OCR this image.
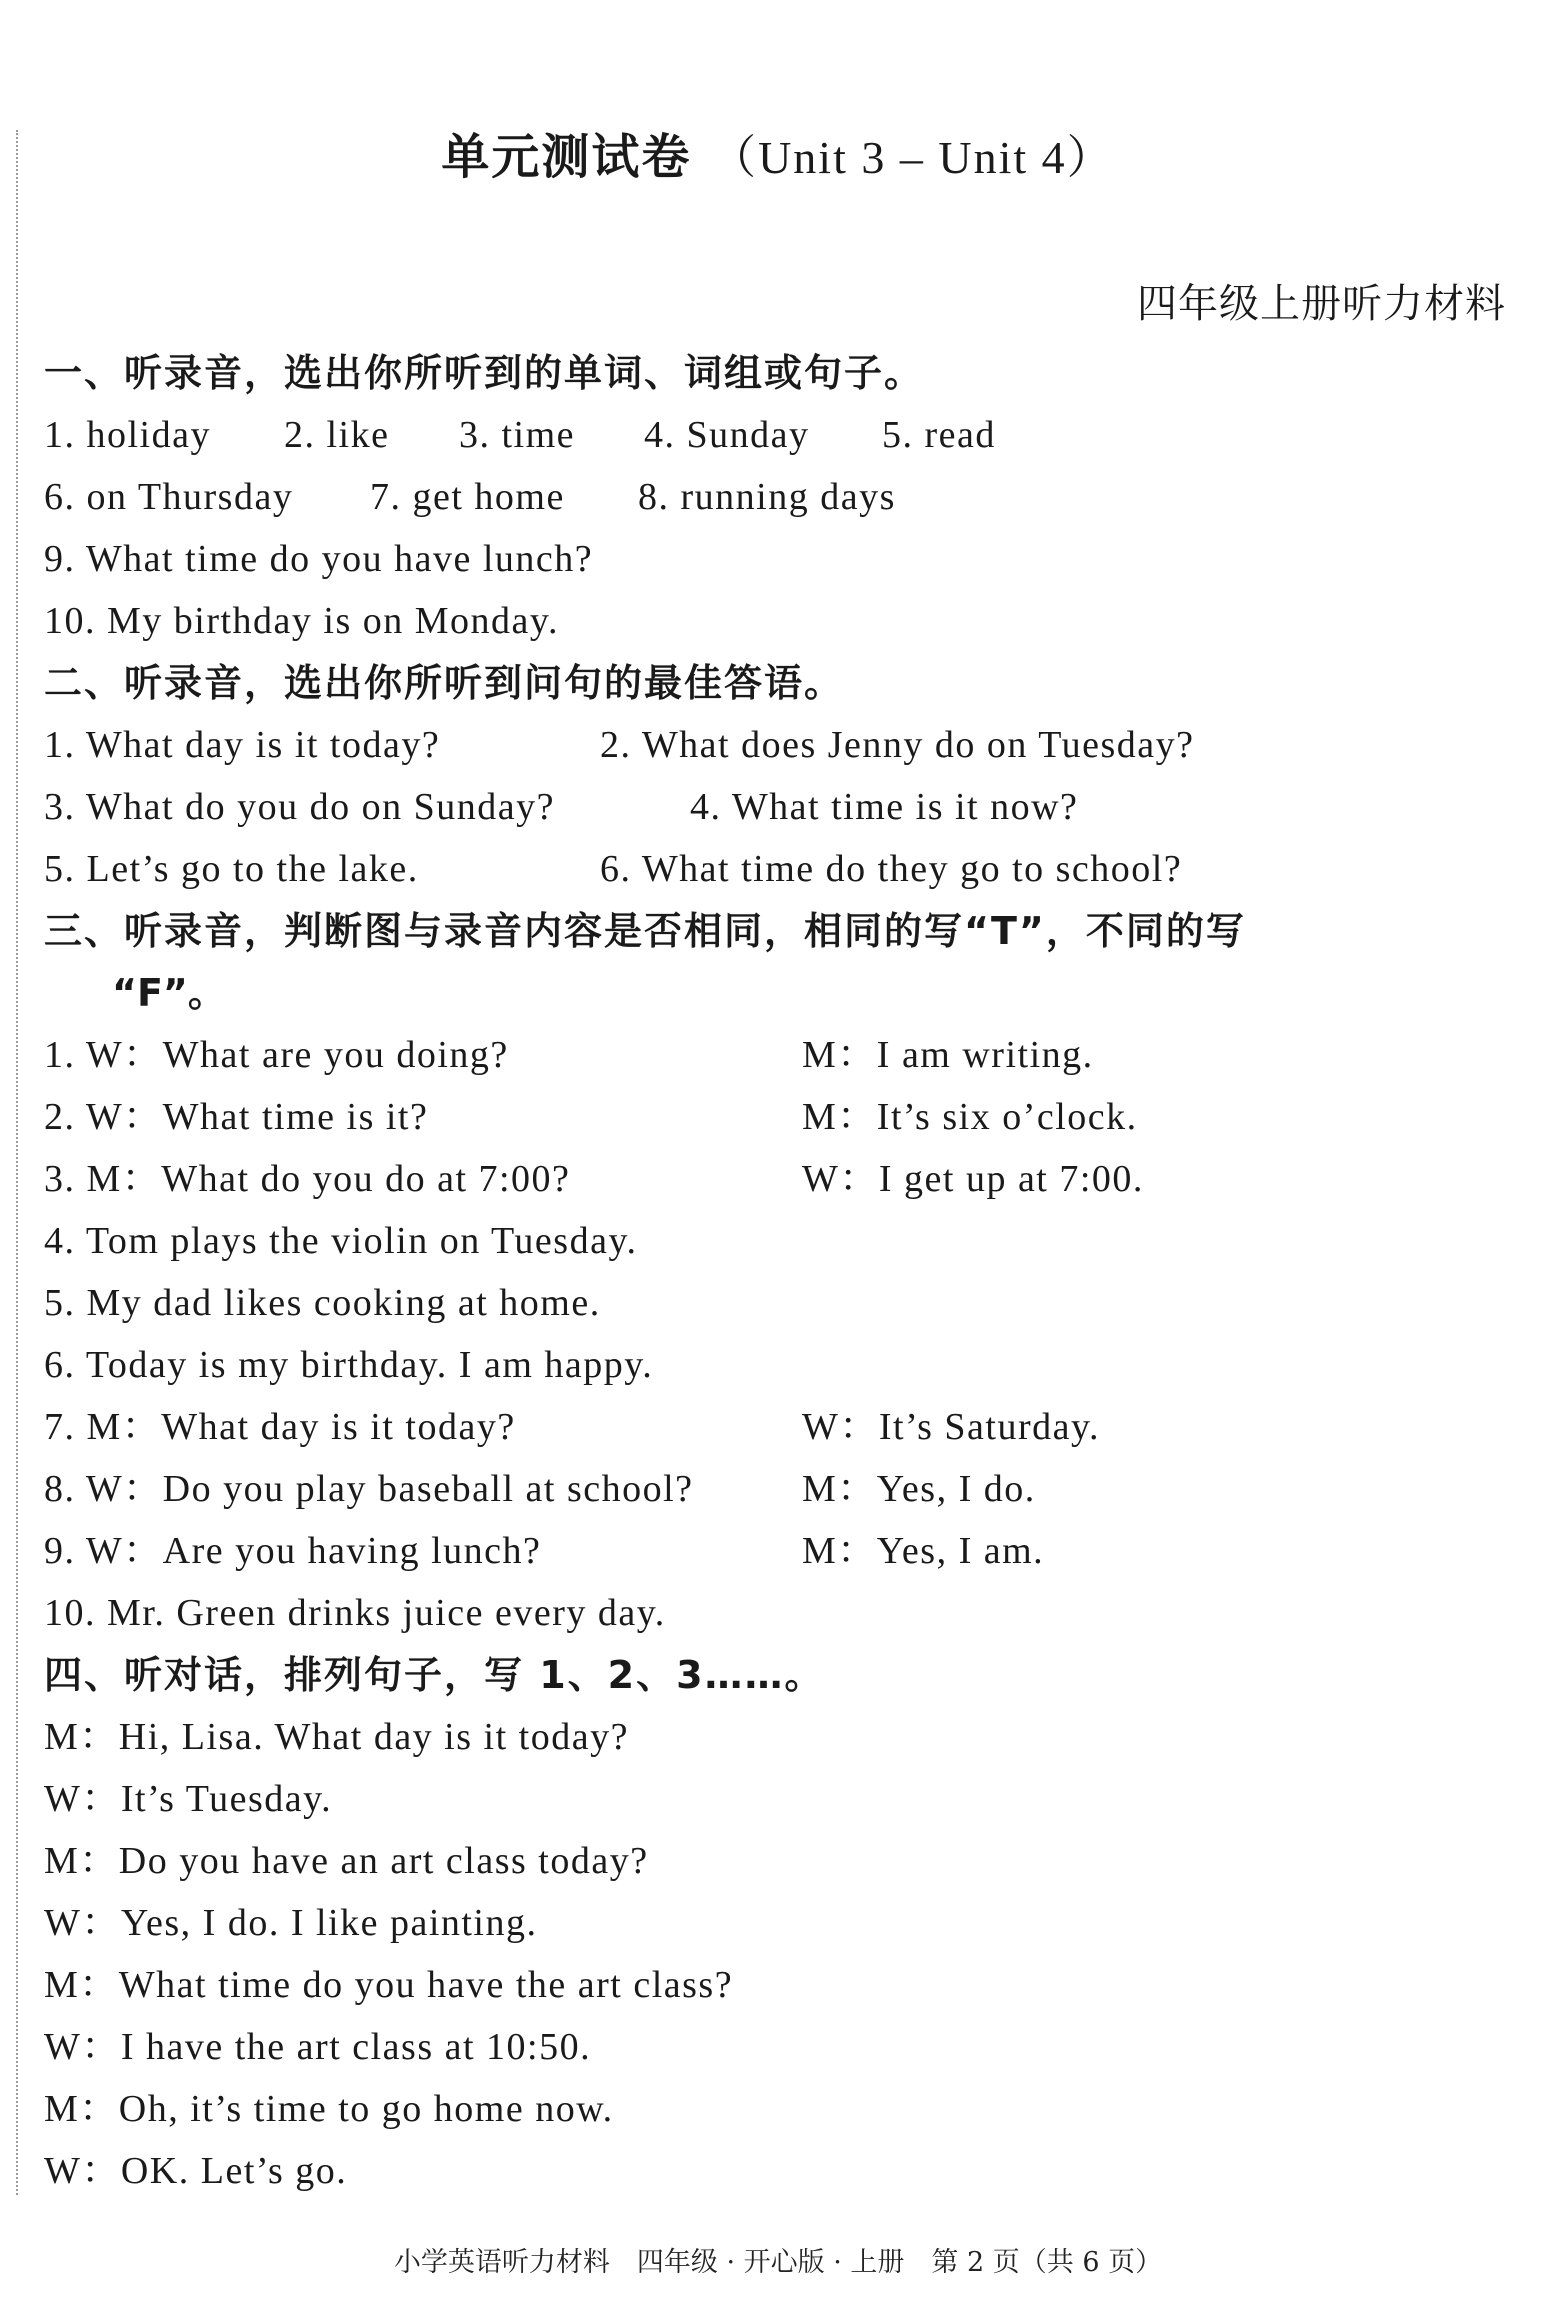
单元测试卷 （Unit 3 – Unit 4）
四年级上册听力材料
一、听录音，选出你所听到的单词、词组或句子。
1. holiday 2. like 3. time 4. Sunday 5. read
6. on Thursday 7. get home 8. running days
9. What time do you have lunch?
10. My birthday is on Monday.
二、听录音，选出你所听到问句的最佳答语。
1. What day is it today?	2. What does Jenny do on Tuesday?
3. What do you do on Sunday?	4. What time is it now?
5. Let’s go to the lake.	6. What time do they go to school?
三、听录音，判断图与录音内容是否相同，相同的写“T”，不同的写
“F”。
1. W：What are you doing?	M：I am writing.
2. W：What time is it?	M：It’s six o’clock.
3. M：What do you do at 7:00?	W：I get up at 7:00.
4. Tom plays the violin on Tuesday.
5. My dad likes cooking at home.
6. Today is my birthday. I am happy.
7. M：What day is it today?	W：It’s Saturday.
8. W：Do you play baseball at school?	M：Yes, I do.
9. W：Are you having lunch?	M：Yes, I am.
10. Mr. Green drinks juice every day.
四、听对话，排列句子，写 1、2、3……。
M：Hi, Lisa. What day is it today?
W：It’s Tuesday.
M：Do you have an art class today?
W：Yes, I do. I like painting.
M：What time do you have the art class?
W：I have the art class at 10:50.
M：Oh, it’s time to go home now.
W：OK. Let’s go.
小学英语听力材料　四年级 · 开心版 · 上册　第 2 页（共 6 页）
